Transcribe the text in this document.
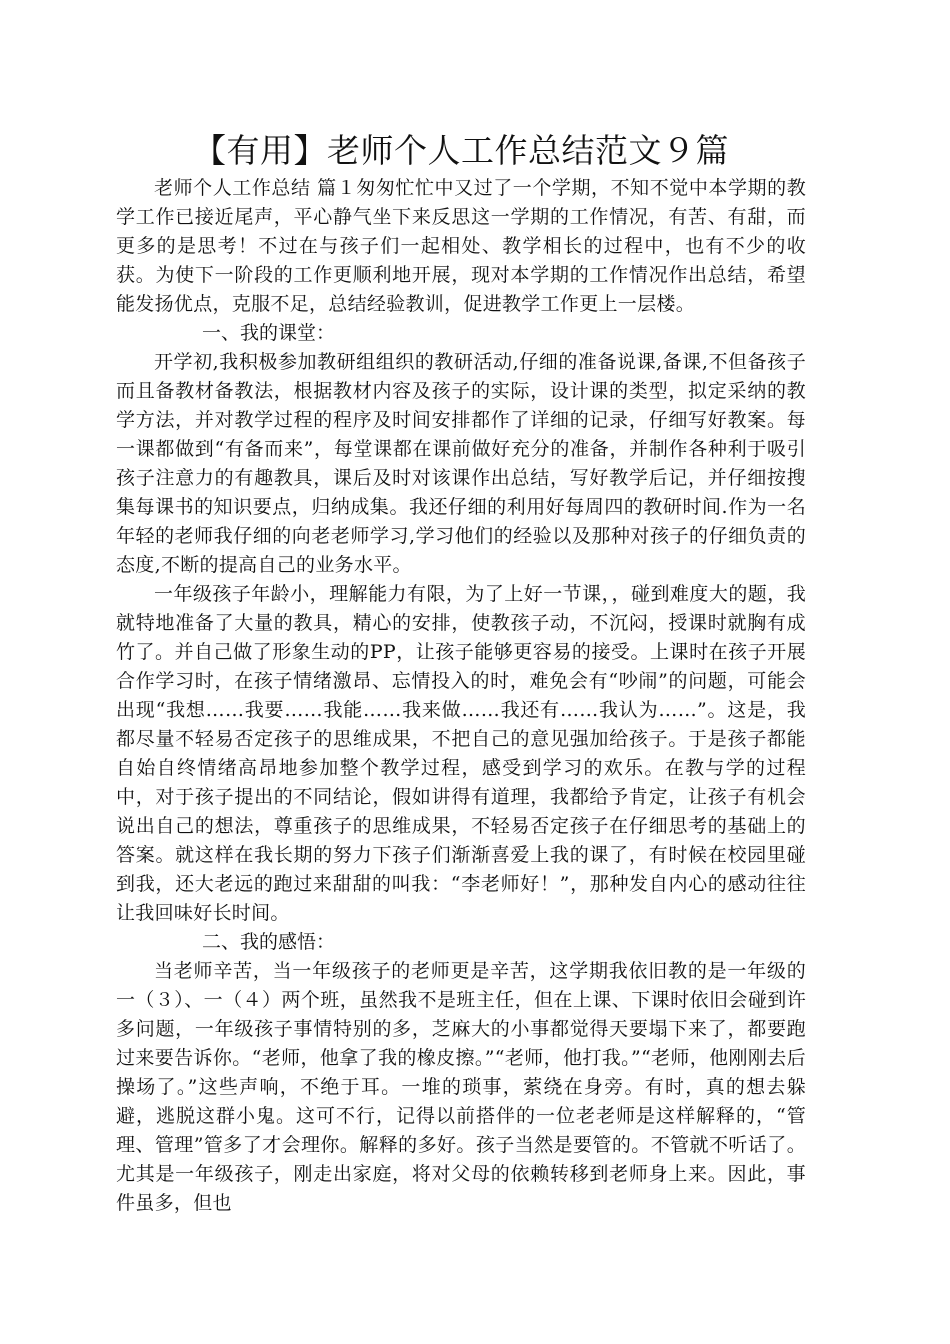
【有用】老师个人工作总结范文９篇

老师个人工作总结 篇１匆匆忙忙中又过了一个学期，不知不觉中本学期的教学工作已接近尾声，平心静气坐下来反思这一学期的工作情况，有苦、有甜，而更多的是思考！不过在与孩子们一起相处、教学相长的过程中，也有不少的收获。为使下一阶段的工作更顺利地开展，现对本学期的工作情况作出总结，希望能发扬优点，克服不足，总结经验教训，促进教学工作更上一层楼。

一、我的课堂：

开学初,我积极参加教研组组织的教研活动,仔细的准备说课,备课,不但备孩子而且备教材备教法，根据教材内容及孩子的实际，设计课的类型，拟定采纳的教学方法，并对教学过程的程序及时间安排都作了详细的记录，仔细写好教案。每一课都做到“有备而来”，每堂课都在课前做好充分的准备，并制作各种利于吸引孩子注意力的有趣教具，课后及时对该课作出总结，写好教学后记，并仔细按搜集每课书的知识要点，归纳成集。我还仔细的利用好每周四的教研时间.作为一名年轻的老师我仔细的向老老师学习,学习他们的经验以及那种对孩子的仔细负责的态度,不断的提高自己的业务水平。

一年级孩子年龄小，理解能力有限，为了上好一节课，，碰到难度大的题，我就特地准备了大量的教具，精心的安排，使教孩子动，不沉闷，授课时就胸有成竹了。并自己做了形象生动的PP，让孩子能够更容易的接受。上课时在孩子开展合作学习时，在孩子情绪激昂、忘情投入的时，难免会有“吵闹”的问题，可能会出现“我想……我要……我能……我来做……我还有……我认为……”。这是，我都尽量不轻易否定孩子的思维成果，不把自己的意见强加给孩子。于是孩子都能自始自终情绪高昂地参加整个教学过程，感受到学习的欢乐。在教与学的过程中，对于孩子提出的不同结论，假如讲得有道理，我都给予肯定，让孩子有机会说出自己的想法，尊重孩子的思维成果，不轻易否定孩子在仔细思考的基础上的答案。就这样在我长期的努力下孩子们渐渐喜爱上我的课了，有时候在校园里碰到我，还大老远的跑过来甜甜的叫我：“李老师好！”，那种发自内心的感动往往让我回味好长时间。

二、我的感悟：

当老师辛苦，当一年级孩子的老师更是辛苦，这学期我依旧教的是一年级的一（３）、一（４）两个班，虽然我不是班主任，但在上课、下课时依旧会碰到许多问题，一年级孩子事情特别的多，芝麻大的小事都觉得天要塌下来了，都要跑过来要告诉你。“老师，他拿了我的橡皮擦。”“老师，他打我。”“老师，他刚刚去后操场了。”这些声响，不绝于耳。一堆的琐事，萦绕在身旁。有时，真的想去躲避，逃脱这群小鬼。这可不行，记得以前搭伴的一位老老师是这样解释的，“管理、管理”管多了才会理你。解释的多好。孩子当然是要管的。不管就不听话了。尤其是一年级孩子，刚走出家庭，将对父母的依赖转移到老师身上来。因此，事件虽多，但也
